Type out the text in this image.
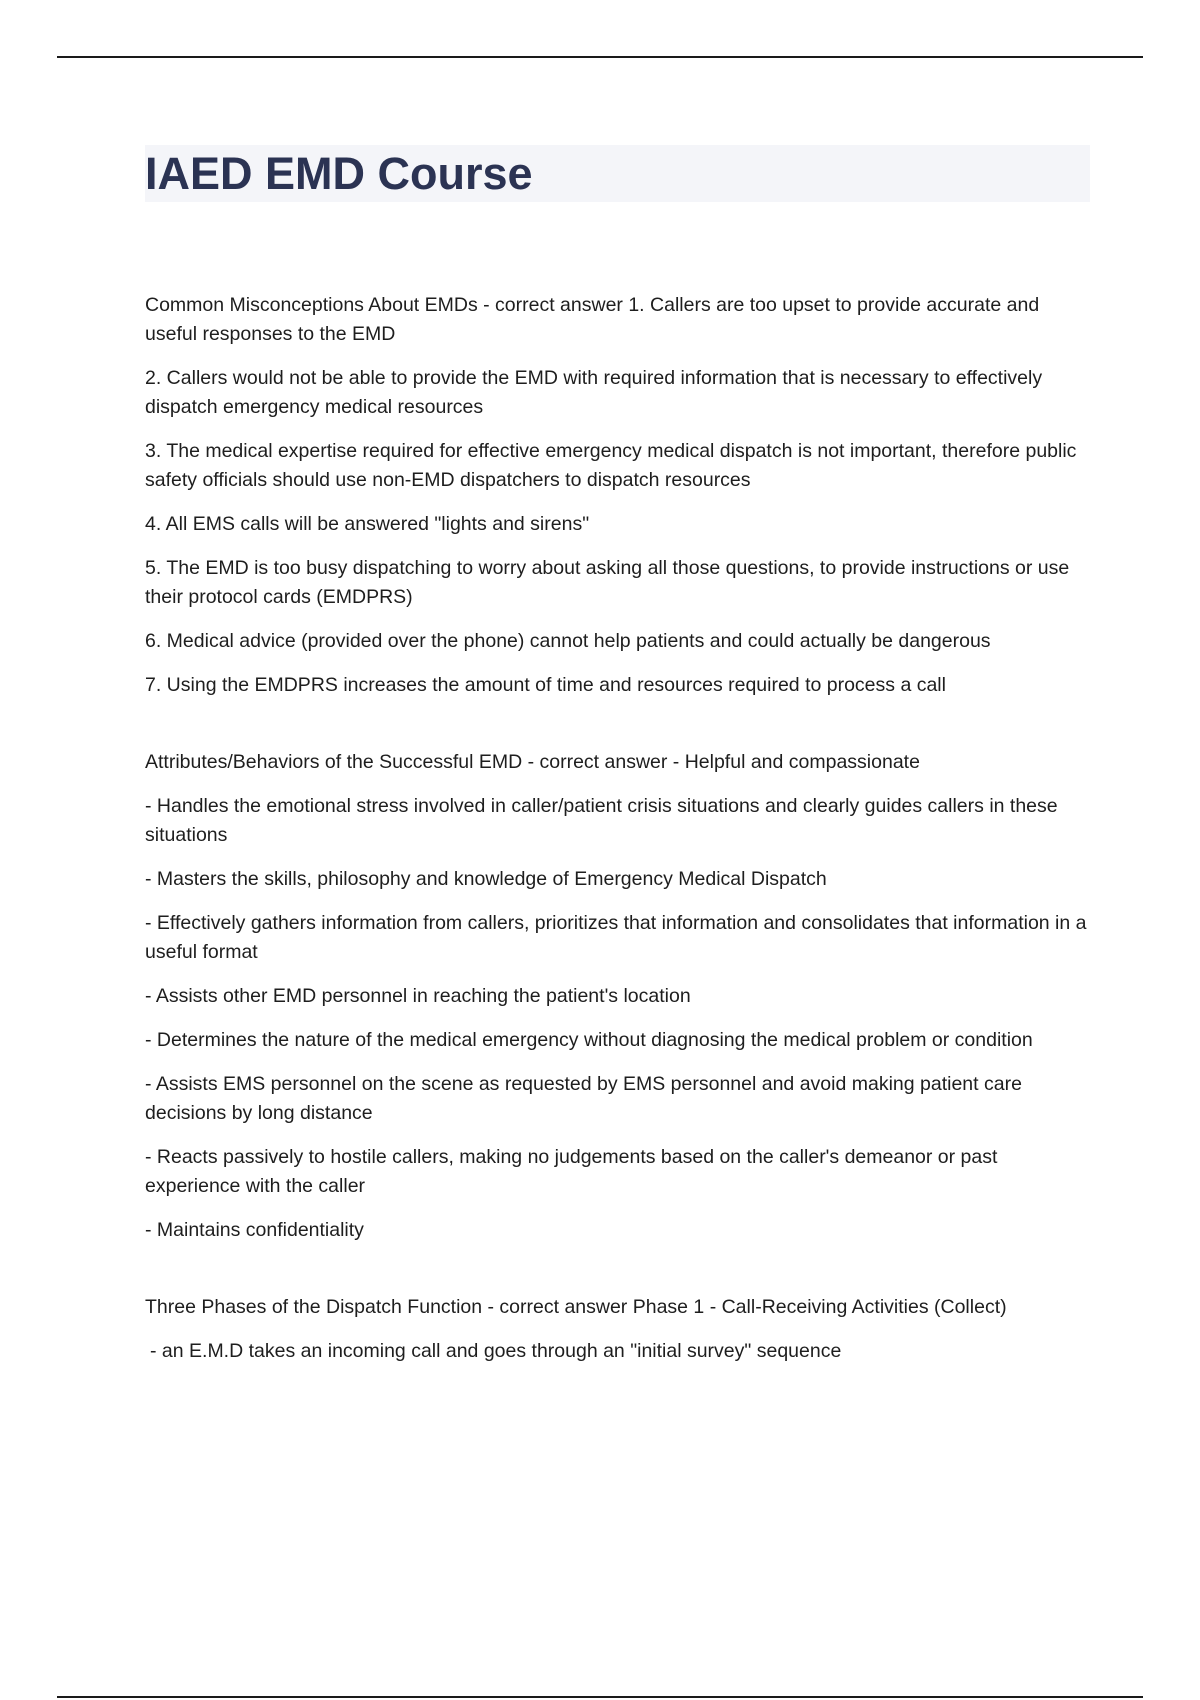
IAED EMD Course

Common Misconceptions About EMDs - correct answer 1. Callers are too upset to provide accurate and useful responses to the EMD

2. Callers would not be able to provide the EMD with required information that is necessary to effectively dispatch emergency medical resources

3. The medical expertise required for effective emergency medical dispatch is not important, therefore public safety officials should use non-EMD dispatchers to dispatch resources

4. All EMS calls will be answered "lights and sirens"

5. The EMD is too busy dispatching to worry about asking all those questions, to provide instructions or use their protocol cards (EMDPRS)

6. Medical advice (provided over the phone) cannot help patients and could actually be dangerous

7. Using the EMDPRS increases the amount of time and resources required to process a call

Attributes/Behaviors of the Successful EMD - correct answer - Helpful and compassionate

- Handles the emotional stress involved in caller/patient crisis situations and clearly guides callers in these situations

- Masters the skills, philosophy and knowledge of Emergency Medical Dispatch

- Effectively gathers information from callers, prioritizes that information and consolidates that information in a useful format

- Assists other EMD personnel in reaching the patient's location

- Determines the nature of the medical emergency without diagnosing the medical problem or condition

- Assists EMS personnel on the scene as requested by EMS personnel and avoid making patient care decisions by long distance

- Reacts passively to hostile callers, making no judgements based on the caller's demeanor or past experience with the caller

- Maintains confidentiality

Three Phases of the Dispatch Function - correct answer Phase 1 - Call-Receiving Activities (Collect)

- an E.M.D takes an incoming call and goes through an "initial survey" sequence
